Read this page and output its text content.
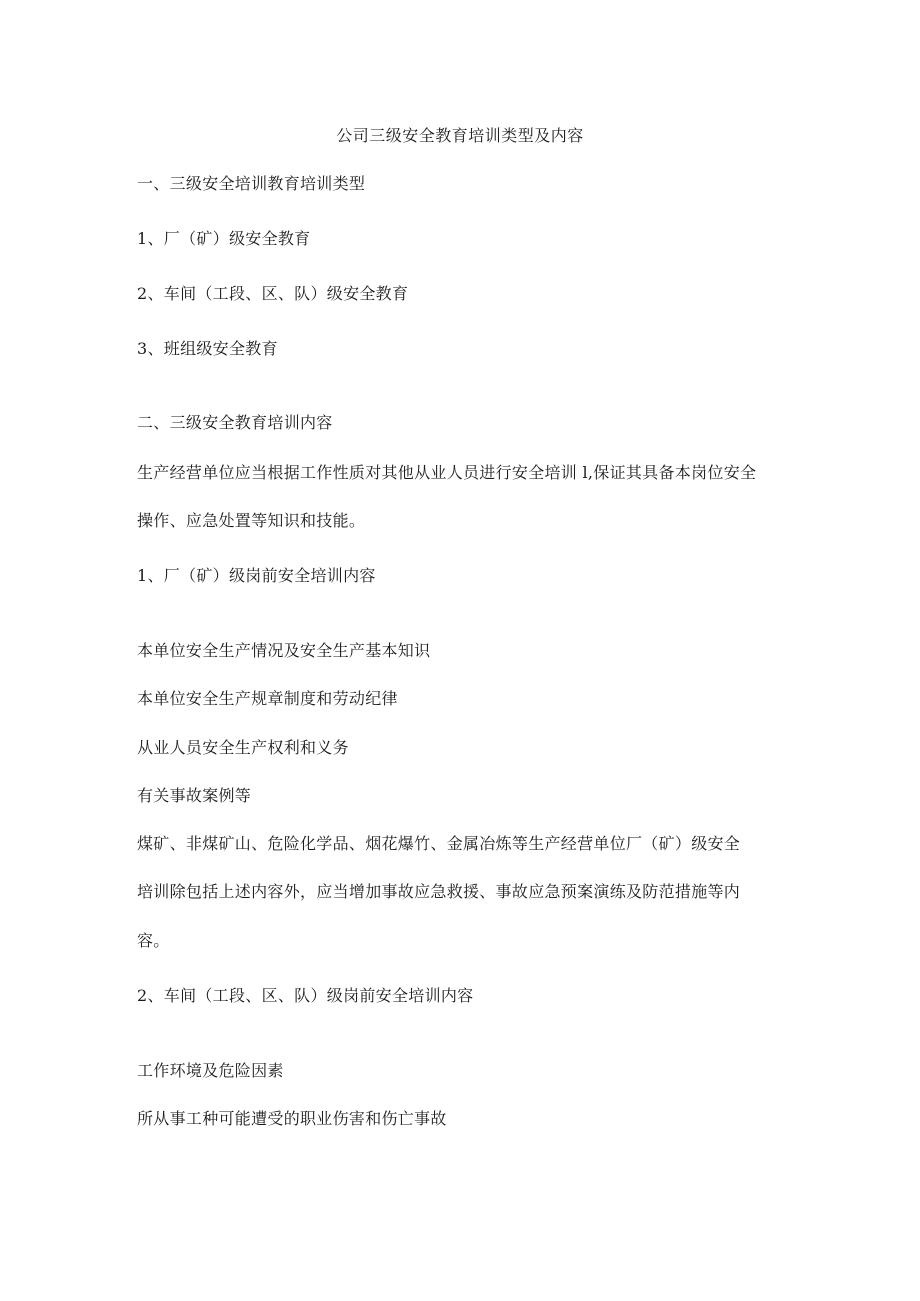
公司三级安全教育培训类型及内容
一、三级安全培训教育培训类型
1、厂（矿）级安全教育
2、车间（工段、区、队）级安全教育
3、班组级安全教育
二、三级安全教育培训内容
生产经营单位应当根据工作性质对其他从业人员进行安全培训 l,保证其具备本岗位安全
操作、应急处置等知识和技能。
1、厂（矿）级岗前安全培训内容
本单位安全生产情况及安全生产基本知识
本单位安全生产规章制度和劳动纪律
从业人员安全生产权利和义务
有关事故案例等
煤矿、非煤矿山、危险化学品、烟花爆竹、金属冶炼等生产经营单位厂（矿）级安全
培训除包括上述内容外，应当增加事故应急救援、事故应急预案演练及防范措施等内
容。
2、车间（工段、区、队）级岗前安全培训内容
工作环境及危险因素
所从事工种可能遭受的职业伤害和伤亡事故
